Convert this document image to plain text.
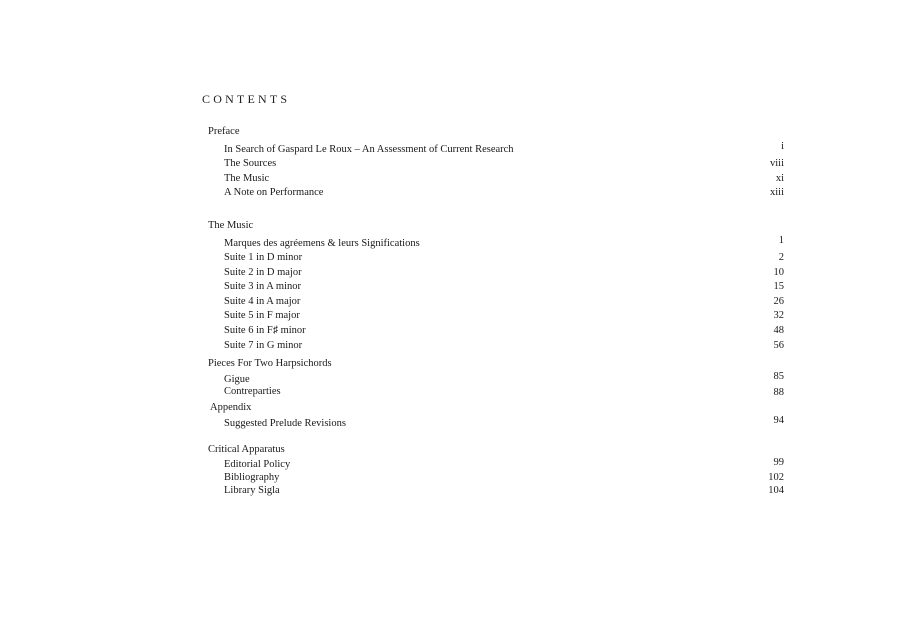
CONTENTS
Preface
In Search of Gaspard Le Roux – An Assessment of Current Research	i
The Sources	viii
The Music	xi
A Note on Performance	xiii
The Music
Marques des agréemens & leurs Significations	1
Suite 1 in D minor	2
Suite 2 in D major	10
Suite 3 in A minor	15
Suite 4 in A major	26
Suite 5 in F major	32
Suite 6 in F♯ minor	48
Suite 7 in G minor	56
Pieces For Two Harpsichords
Gigue	85
Contreparties	88
Appendix
Suggested Prelude Revisions	94
Critical Apparatus
Editorial Policy	99
Bibliography	102
Library Sigla	104
